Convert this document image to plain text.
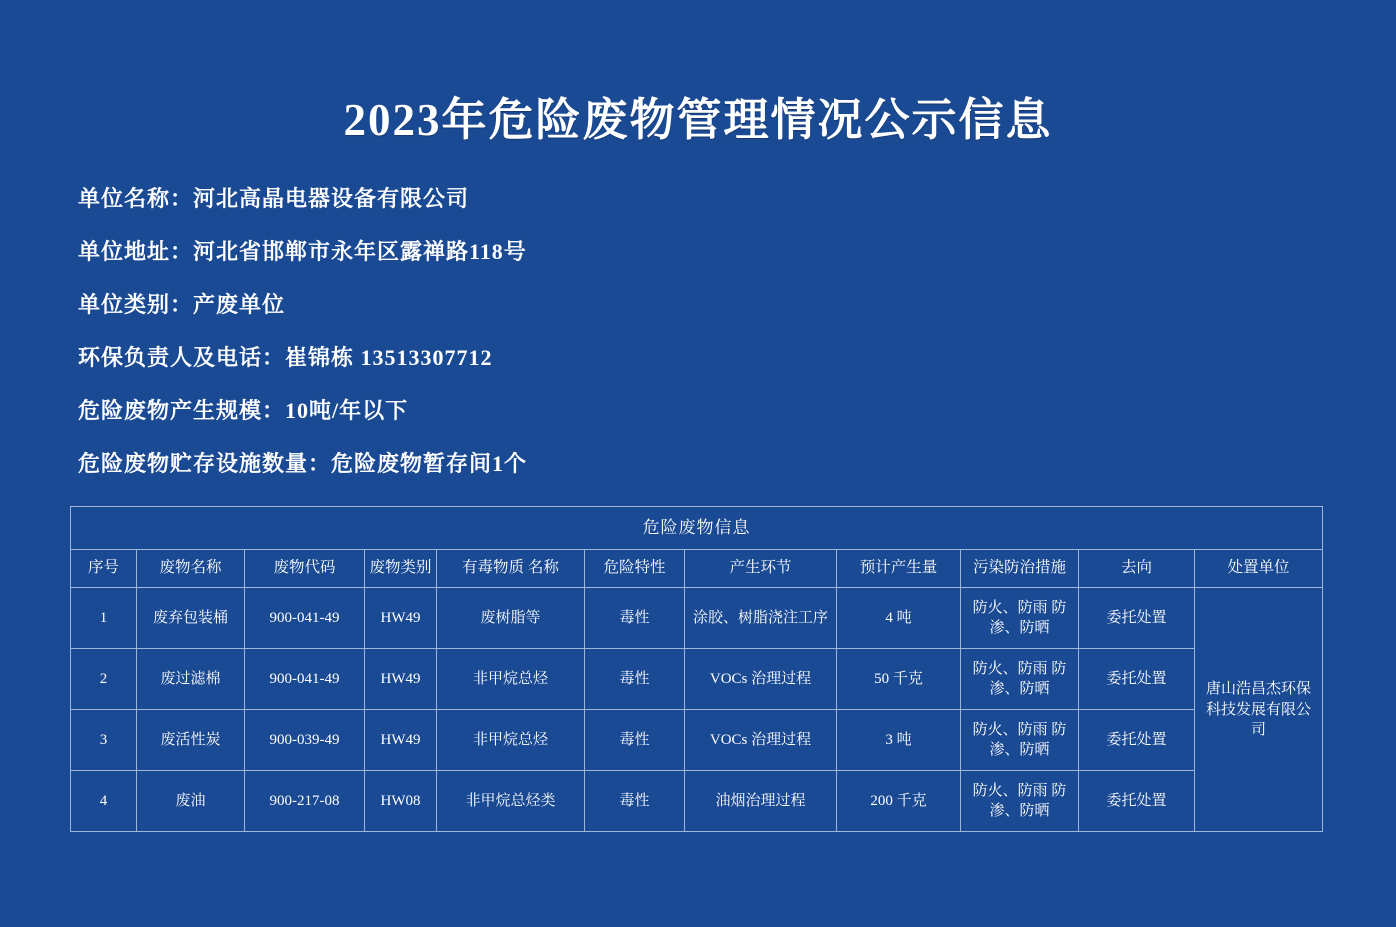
2023年危险废物管理情况公示信息

单位名称：河北高晶电器设备有限公司

单位地址：河北省邯郸市永年区露禅路118号

单位类别：产废单位

环保负责人及电话：崔锦栋 13513307712

危险废物产生规模：10吨/年以下

危险废物贮存设施数量：危险废物暂存间1个

危险废物信息										
序号	废物名称	废物代码	废物类别	有毒物质 名称	危险特性	产生环节	预计产生量	污染防治措施	去向	处置单位
1	废弃包装桶	900-041-49	HW49	废树脂等	毒性	涂胶、树脂浇注工序	4 吨	防火、防雨 防渗、防晒	委托处置	唐山浩昌杰环保科技发展有限公司
2	废过滤棉	900-041-49	HW49	非甲烷总烃	毒性	VOCs 治理过程	50 千克	防火、防雨 防渗、防晒	委托处置	
3	废活性炭	900-039-49	HW49	非甲烷总烃	毒性	VOCs 治理过程	3 吨	防火、防雨 防渗、防晒	委托处置	
4	废油	900-217-08	HW08	非甲烷总烃类	毒性	油烟治理过程	200 千克	防火、防雨 防渗、防晒	委托处置	
